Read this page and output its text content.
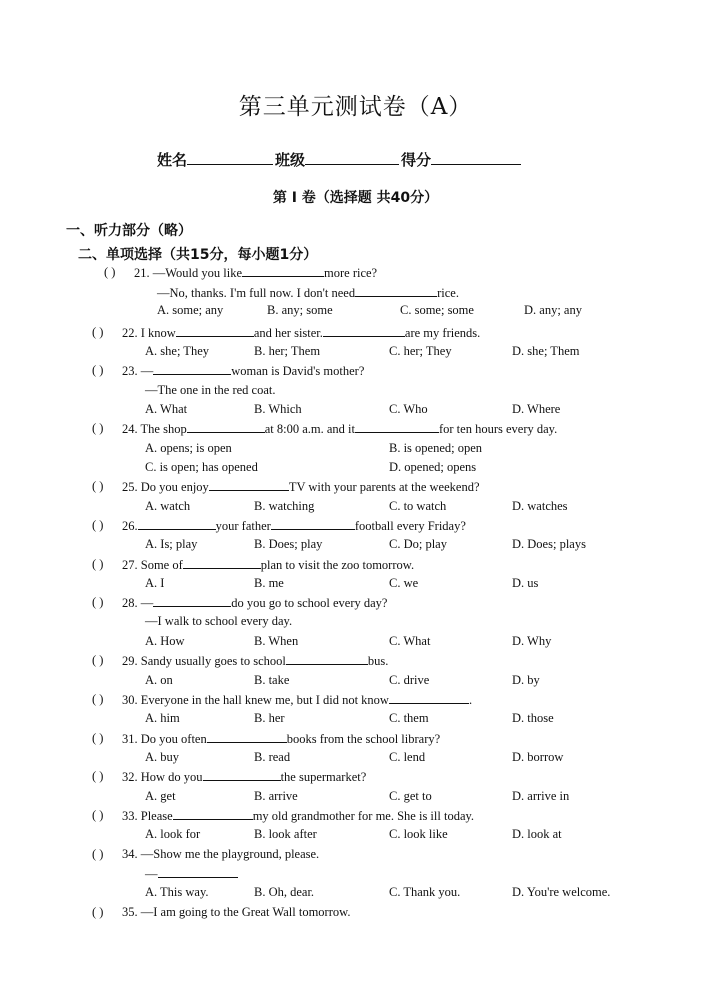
第三单元测试卷（A）
姓名	班级	得分
第 I 卷（选择题 共40分）
一、听力部分（略）
二、单项选择（共15分，每小题1分）
( ) 21. —Would you like	more rice?
—No, thanks. I'm full now. I don't need	rice.
A. some; any	B. any; some	C. some; some	D. any; any
( ) 22. I know	and her sister.	are my friends.
A. she; They	B. her; Them	C. her; They	D. she; Them
( ) 23. —	woman is David's mother?
—The one in the red coat.
A. What	B. Which	C. Who	D. Where
( ) 24. The shop	at 8:00 a.m. and it	for ten hours every day.
A. opens; is open	B. is opened; open
C. is open; has opened	D. opened; opens
( ) 25. Do you enjoy	TV with your parents at the weekend?
A. watch	B. watching	C. to watch	D. watches
( ) 26.	your father	football every Friday?
A. Is; play	B. Does; play	C. Do; play	D. Does; plays
( ) 27. Some of	plan to visit the zoo tomorrow.
A. I	B. me	C. we	D. us
( ) 28. —	do you go to school every day?
—I walk to school every day.
A. How	B. When	C. What	D. Why
( ) 29. Sandy usually goes to school	bus.
A. on	B. take	C. drive	D. by
( ) 30. Everyone in the hall knew me, but I did not know	.
A. him	B. her	C. them	D. those
( ) 31. Do you often	books from the school library?
A. buy	B. read	C. lend	D. borrow
( ) 32. How do you	the supermarket?
A. get	B. arrive	C. get to	D. arrive in
( ) 33. Please	my old grandmother for me. She is ill today.
A. look for	B. look after	C. look like	D. look at
( ) 34. —Show me the playground, please.
—
A. This way.	B. Oh, dear.	C. Thank you.	D. You're welcome.
( ) 35. —I am going to the Great Wall tomorrow.
